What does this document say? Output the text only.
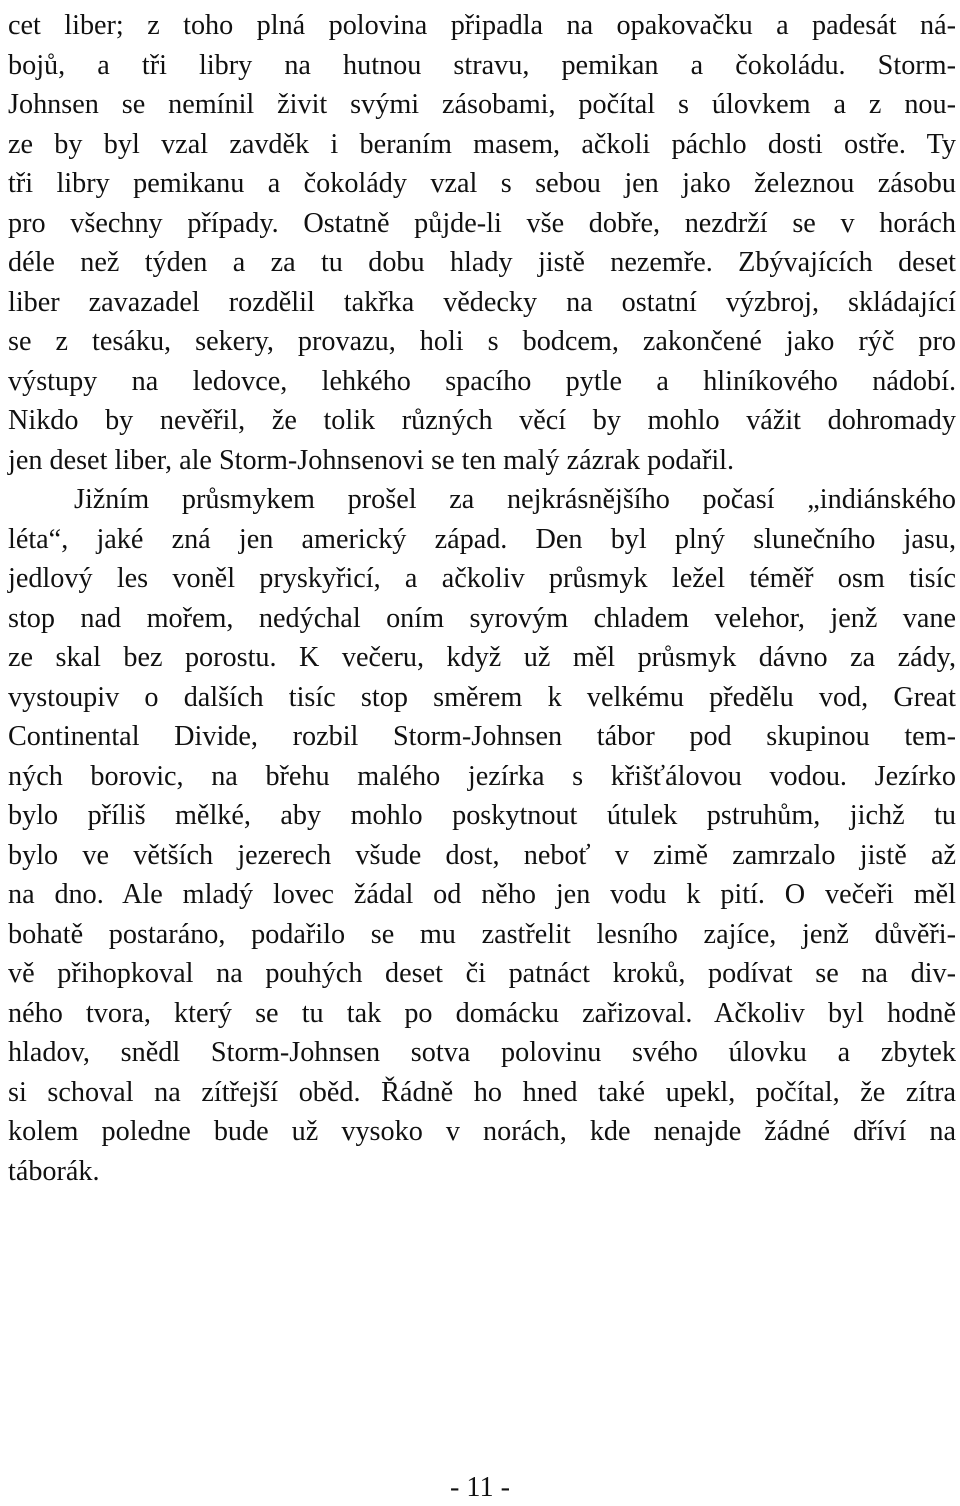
cet liber; z toho plná polovina připadla na opakovačku a padesát ná-
bojů, a tři libry na hutnou stravu, pemikan a čokoládu. Storm-
Johnsen se nemínil živit svými zásobami, počítal s úlovkem a z nou-
ze by byl vzal zavděk i beraním masem, ačkoli páchlo dosti ostře. Ty
tři libry pemikanu a čokolády vzal s sebou jen jako železnou zásobu
pro všechny případy. Ostatně půjde-li vše dobře, nezdrží se v horách
déle než týden a za tu dobu hlady jistě nezemře. Zbývajících deset
liber zavazadel rozdělil takřka vědecky na ostatní výzbroj, skládající
se z tesáku, sekery, provazu, holi s bodcem, zakončené jako rýč pro
výstupy na ledovce, lehkého spacího pytle a hliníkového nádobí.
Nikdo by nevěřil, že tolik různých věcí by mohlo vážit dohromady
jen deset liber, ale Storm-Johnsenovi se ten malý zázrak podařil.
Jižním průsmykem prošel za nejkrásnějšího počasí „indiánského
léta“, jaké zná jen americký západ. Den byl plný slunečního jasu,
jedlový les voněl pryskyřicí, a ačkoliv průsmyk ležel téměř osm tisíc
stop nad mořem, nedýchal oním syrovým chladem velehor, jenž vane
ze skal bez porostu. K večeru, když už měl průsmyk dávno za zády,
vystoupiv o dalších tisíc stop směrem k velkému předělu vod, Great
Continental Divide, rozbil Storm-Johnsen tábor pod skupinou tem-
ných borovic, na břehu malého jezírka s křišťálovou vodou. Jezírko
bylo příliš mělké, aby mohlo poskytnout útulek pstruhům, jichž tu
bylo ve větších jezerech všude dost, neboť v zimě zamrzalo jistě až
na dno. Ale mladý lovec žádal od něho jen vodu k pití. O večeři měl
bohatě postaráno, podařilo se mu zastřelit lesního zajíce, jenž důvěři-
vě přihopkoval na pouhých deset či patnáct kroků, podívat se na div-
ného tvora, který se tu tak po domácku zařizoval. Ačkoliv byl hodně
hladov, snědl Storm-Johnsen sotva polovinu svého úlovku a zbytek
si schoval na zítřejší oběd. Řádně ho hned také upekl, počítal, že zítra
kolem poledne bude už vysoko v norách, kde nenajde žádné dříví na
táborák.
- 11 -
